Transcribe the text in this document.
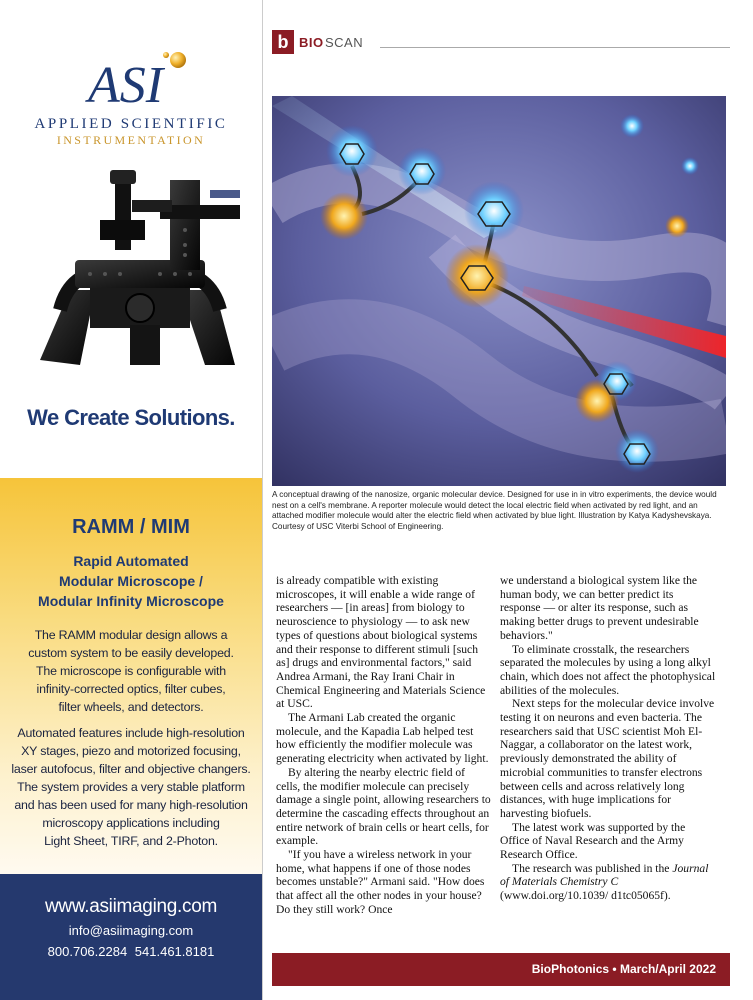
ASI
APPLIED SCIENTIFIC
INSTRUMENTATION
We Create Solutions.
RAMM / MIM
Rapid Automated
Modular Microscope /
Modular Infinity Microscope
The RAMM modular design allows a
custom system to be easily developed.
The microscope is configurable with
infinity-corrected optics, filter cubes,
filter wheels, and detectors.
Automated features include high-resolution
XY stages, piezo and motorized focusing,
laser autofocus, filter and objective changers.
The system provides a very stable platform
and has been used for many high-resolution
microscopy applications including
Light Sheet, TIRF, and 2-Photon.
www.asiimaging.com
info@asiimaging.com
800.706.2284 541.461.8181
b BIO SCAN
A conceptual drawing of the nanosize, organic molecular device. Designed for use in in vitro experiments, the device would nest on a cell's membrane. A reporter molecule would detect the local electric field when activated by red light, and an attached modifier molecule would alter the electric field when activated by blue light. Illustration by Katya Kadyshevskaya. Courtesy of USC Viterbi School of Engineering.

is already compatible with existing microscopes, it will enable a wide range of researchers — [in areas] from biology to neuroscience to physiology — to ask new types of questions about biological systems and their response to different stimuli [such as] drugs and environmental factors," said Andrea Armani, the Ray Irani Chair in Chemical Engineering and Materials Science at USC.

The Armani Lab created the organic molecule, and the Kapadia Lab helped test how efficiently the modifier molecule was generating electricity when activated by light.

By altering the nearby electric field of cells, the modifier molecule can precisely damage a single point, allowing researchers to determine the cascading effects throughout an entire network of brain cells or heart cells, for example.

"If you have a wireless network in your home, what happens if one of those nodes becomes unstable?" Armani said. "How does that affect all the other nodes in your house? Do they still work? Once

we understand a biological system like the human body, we can better predict its response — or alter its response, such as making better drugs to prevent undesirable behaviors."

To eliminate crosstalk, the researchers separated the molecules by using a long alkyl chain, which does not affect the photophysical abilities of the molecules.

Next steps for the molecular device involve testing it on neurons and even bacteria. The researchers said that USC scientist Moh El-Naggar, a collaborator on the latest work, previously demonstrated the ability of microbial communities to transfer electrons between cells and across relatively long distances, with huge implications for harvesting biofuels.

The latest work was supported by the Office of Naval Research and the Army Research Office.

The research was published in the Journal of Materials Chemistry C (www.doi.org/10.1039/ d1tc05065f).

BioPhotonics • March/April 2022
